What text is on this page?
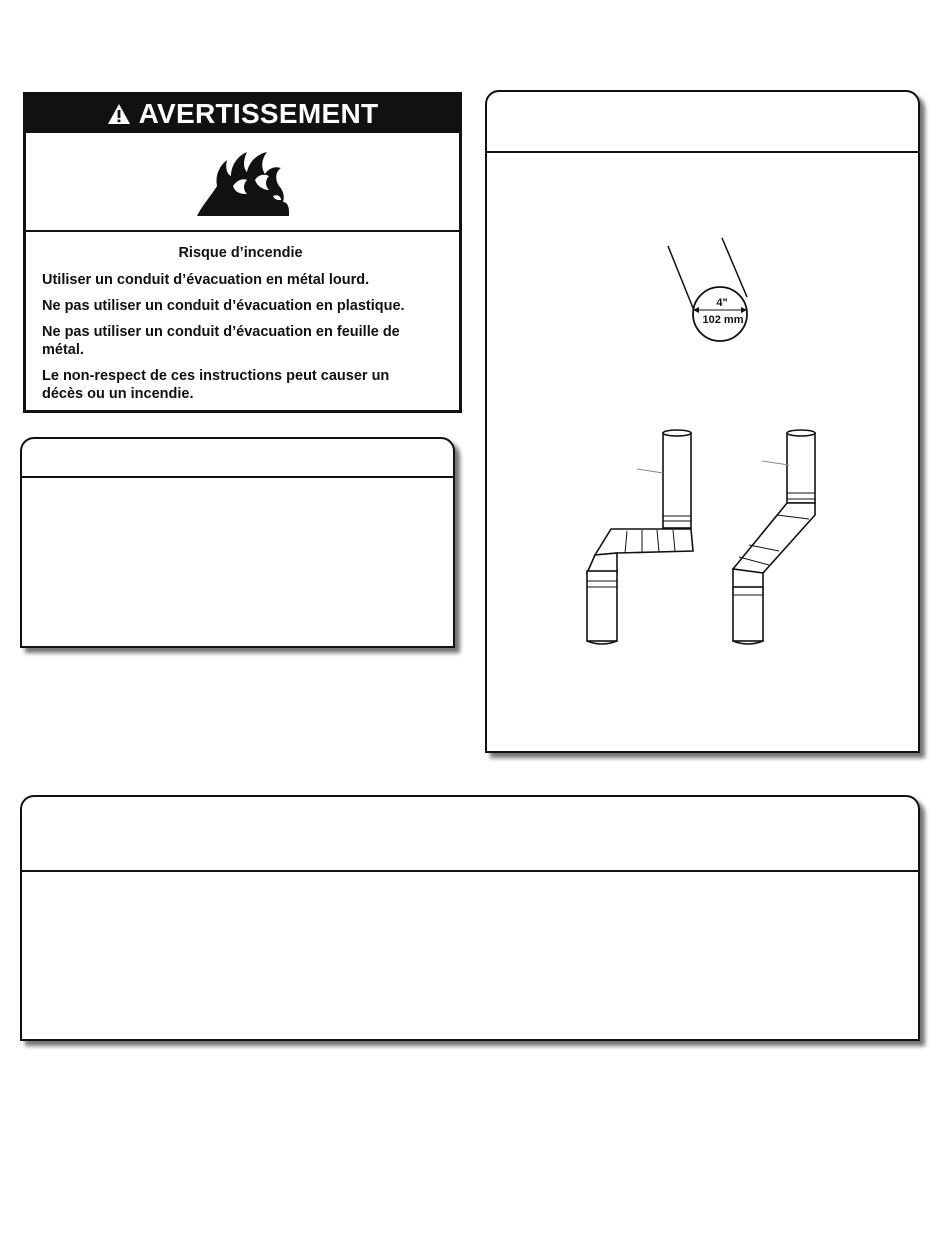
AVERTISSEMENT

Risque d’incendie

Utiliser un conduit d’évacuation en métal lourd.

Ne pas utiliser un conduit d’évacuation en plastique.

Ne pas utiliser un conduit d’évacuation en feuille de métal.

Le non-respect de ces instructions peut causer un décès ou un incendie.

4"
102 mm
